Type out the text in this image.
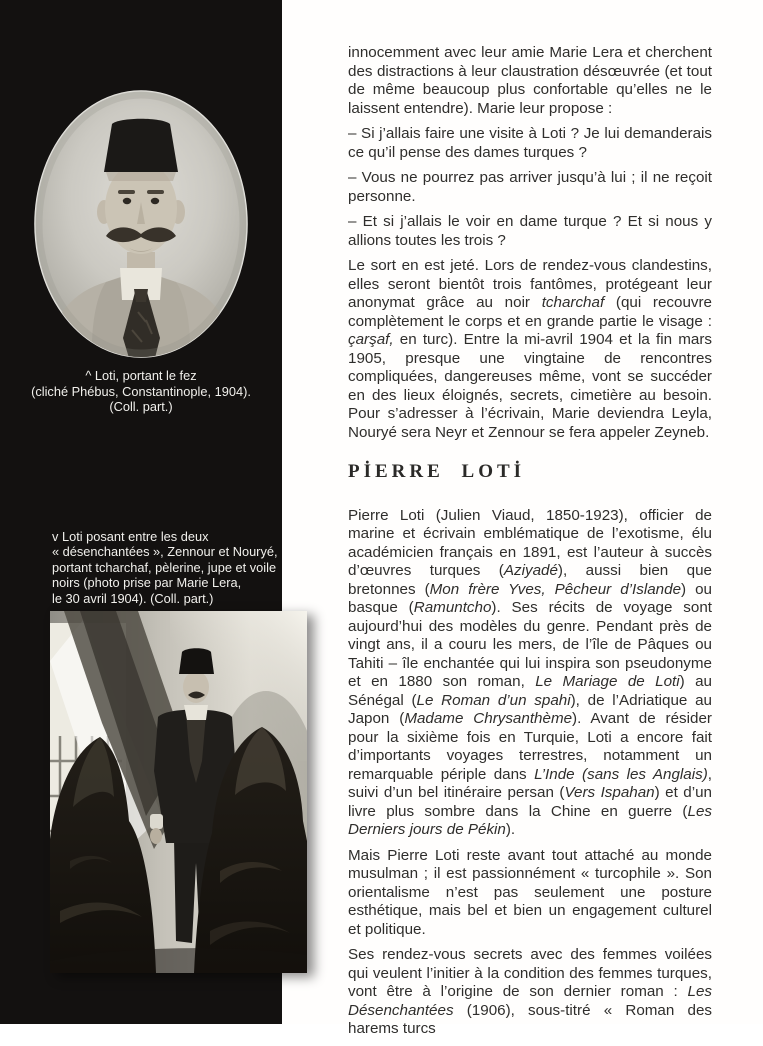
^ Loti, portant le fez
(cliché Phébus, Constantinople, 1904).
(Coll. part.)
v Loti posant entre les deux
« désenchantées », Zennour et Nouryé,
portant tcharchaf, pèlerine, jupe et voile
noirs (photo prise par Marie Lera,
le 30 avril 1904). (Coll. part.)

innocemment avec leur amie Marie Lera et cherchent des distractions à leur claustration désœuvrée (et tout de même beaucoup plus confortable qu’elles ne le laissent entendre). Marie leur propose :

– Si j’allais faire une visite à Loti ? Je lui demanderais ce qu’il pense des dames turques ?

– Vous ne pourrez pas arriver jusqu’à lui ; il ne reçoit personne.

– Et si j’allais le voir en dame turque ? Et si nous y allions toutes les trois ?

Le sort en est jeté. Lors de rendez-vous clandestins, elles seront bientôt trois fantômes, protégeant leur anonymat grâce au noir tcharchaf (qui recouvre complètement le corps et en grande partie le visage : çarşaf, en turc). Entre la mi-avril 1904 et la fin mars 1905, presque une vingtaine de rencontres compliquées, dangereuses même, vont se succéder en des lieux éloignés, secrets, cimetière au besoin. Pour s’adresser à l’écrivain, Marie deviendra Leyla, Nouryé sera Neyr et Zennour se fera appeler Zeyneb.

PİERRE LOTİ

Pierre Loti (Julien Viaud, 1850-1923), officier de marine et écrivain emblématique de l’exotisme, élu académicien français en 1891, est l’auteur à succès d’œuvres turques (Aziyadé), aussi bien que bretonnes (Mon frère Yves, Pêcheur d’Islande) ou basque (Ramuntcho). Ses récits de voyage sont aujourd’hui des modèles du genre. Pendant près de vingt ans, il a couru les mers, de l’île de Pâques ou Tahiti – île enchantée qui lui inspira son pseudonyme et en 1880 son roman, Le Mariage de Loti) au Sénégal (Le Roman d’un spahi), de l’Adriatique au Japon (Madame Chrysanthème). Avant de résider pour la sixième fois en Turquie, Loti a encore fait d’importants voyages terrestres, notamment un remarquable périple dans L’Inde (sans les Anglais), suivi d’un bel itinéraire persan (Vers Ispahan) et d’un livre plus sombre dans la Chine en guerre (Les Derniers jours de Pékin).

Mais Pierre Loti reste avant tout attaché au monde musulman ; il est passionnément « turcophile ». Son orientalisme n’est pas seulement une posture esthétique, mais bel et bien un engagement culturel et politique.

Ses rendez-vous secrets avec des femmes voilées qui veulent l’initier à la condition des femmes turques, vont être à l’origine de son dernier roman : Les Désenchantées (1906), sous-titré « Roman des harems turcs
